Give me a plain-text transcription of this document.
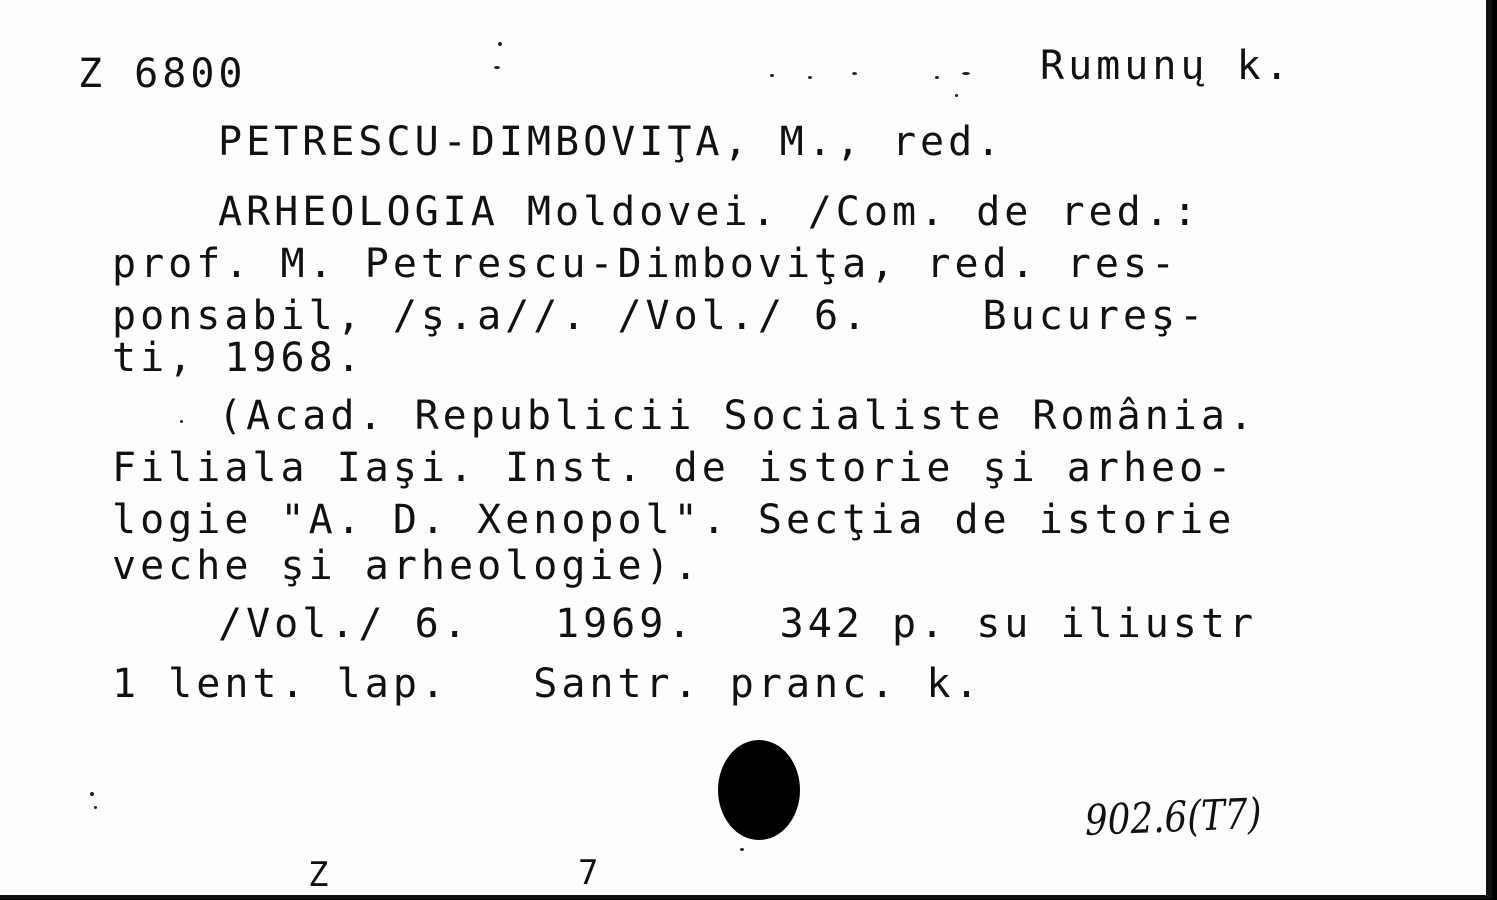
Z 6800	Rumunų k.
PETRESCU-DIMBOVIŢA, M., red.
ARHEOLOGIA Moldovei. /Com. de red.:
prof. M. Petrescu-Dimboviţa, red. res-
ponsabil, /ş.a//. /Vol./ 6.    Bucureş-
ti, 1968.
(Acad. Republicii Socialiste România.
Filiala Iaşi. Inst. de istorie şi arheo-
logie "A. D. Xenopol". Secţia de istorie
veche şi arheologie).
/Vol./ 6.   1969.   342 p. su iliustr
1 lent. lap.   Santr. pranc. k.
902.6(T7)
Z	7
